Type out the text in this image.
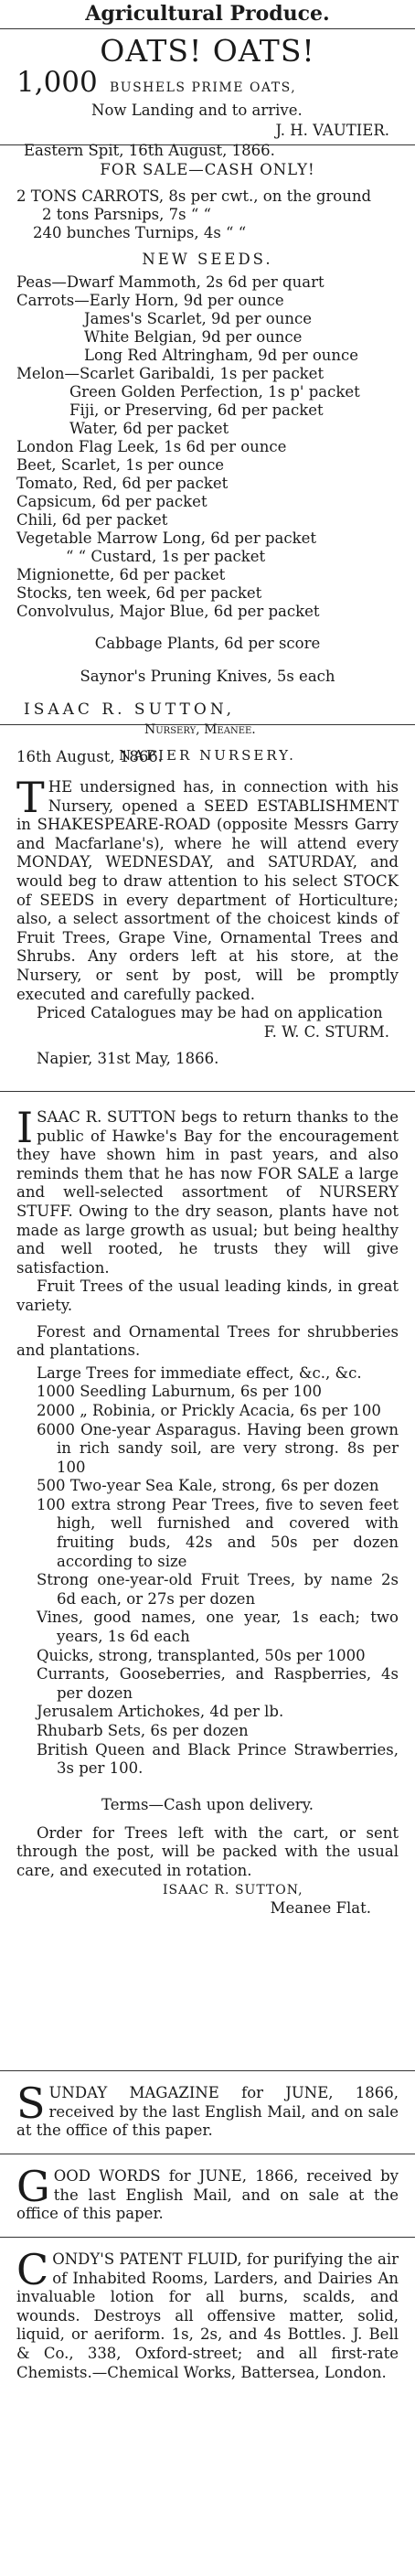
Agricultural Produce.
OATS! OATS!
1,000 BUSHELS PRIME OATS,
Now Landing and to arrive.
J. H. VAUTIER.
Eastern Spit, 16th August, 1866.
FOR SALE—CASH ONLY!
2 TONS CARROTS, 8s per cwt., on the ground
2 tons Parsnips, 7s “ “
240 bunches Turnips, 4s “ “
NEW SEEDS.
Peas—Dwarf Mammoth, 2s 6d per quart
Carrots—Early Horn, 9d per ounce
James's Scarlet, 9d per ounce
White Belgian, 9d per ounce
Long Red Altringham, 9d per ounce
Melon—Scarlet Garibaldi, 1s per packet
Green Golden Perfection, 1s p' packet
Fiji, or Preserving, 6d per packet
Water, 6d per packet
London Flag Leek, 1s 6d per ounce
Beet, Scarlet, 1s per ounce
Tomato, Red, 6d per packet
Capsicum, 6d per packet
Chili, 6d per packet
Vegetable Marrow Long, 6d per packet
“ “ Custard, 1s per packet
Mignionette, 6d per packet
Stocks, ten week, 6d per packet
Convolvulus, Major Blue, 6d per packet
Cabbage Plants, 6d per score
Saynor's Pruning Knives, 5s each
ISAAC R. SUTTON,
Nursery, Meanee.
16th August, 1866.
NAPIER NURSERY.
T HE undersigned has, in connection with his Nursery, opened a SEED ESTABLISHMENT in SHAKESPEARE-ROAD (opposite Messrs Garry and Macfarlane's), where he will attend every MONDAY, WEDNESDAY, and SATURDAY, and would beg to draw attention to his select STOCK of SEEDS in every department of Horticulture; also, a select assortment of the choicest kinds of Fruit Trees, Grape Vine, Ornamental Trees and Shrubs. Any orders left at his store, at the Nursery, or sent by post, will be promptly executed and carefully packed.

Priced Catalogues may be had on application

F. W. C. STURM.
Napier, 31st May, 1866.
I SAAC R. SUTTON begs to return thanks to the public of Hawke's Bay for the encouragement they have shown him in past years, and also reminds them that he has now FOR SALE a large and well-selected assortment of NURSERY STUFF. Owing to the dry season, plants have not made as large growth as usual; but being healthy and well rooted, he trusts they will give satisfaction.

Fruit Trees of the usual leading kinds, in great variety.

Forest and Ornamental Trees for shrubberies and plantations.

Large Trees for immediate effect, &c., &c.

1000 Seedling Laburnum, 6s per 100

2000 „ Robinia, or Prickly Acacia, 6s per 100

6000 One-year Asparagus. Having been grown in rich sandy soil, are very strong. 8s per 100

500 Two-year Sea Kale, strong, 6s per dozen

100 extra strong Pear Trees, five to seven feet high, well furnished and covered with fruiting buds, 42s and 50s per dozen according to size

Strong one-year-old Fruit Trees, by name 2s 6d each, or 27s per dozen

Vines, good names, one year, 1s each; two years, 1s 6d each

Quicks, strong, transplanted, 50s per 1000

Currants, Gooseberries, and Raspberries, 4s per dozen

Jerusalem Artichokes, 4d per lb.

Rhubarb Sets, 6s per dozen

British Queen and Black Prince Strawberries, 3s per 100.

Terms—Cash upon delivery.

Order for Trees left with the cart, or sent through the post, will be packed with the usual care, and executed in rotation.

ISAAC R. SUTTON,
Meanee Flat.
S UNDAY MAGAZINE for JUNE, 1866, received by the last English Mail, and on sale at the office of this paper.

G OOD WORDS for JUNE, 1866, received by the last English Mail, and on sale at the office of this paper.

C ONDY'S PATENT FLUID, for purifying the air of Inhabited Rooms, Larders, and Dairies An invaluable lotion for all burns, scalds, and wounds. Destroys all offensive matter, solid, liquid, or aeriform. 1s, 2s, and 4s Bottles. J. Bell & Co., 338, Oxford-street; and all first-rate Chemists.—Chemical Works, Battersea, London.
